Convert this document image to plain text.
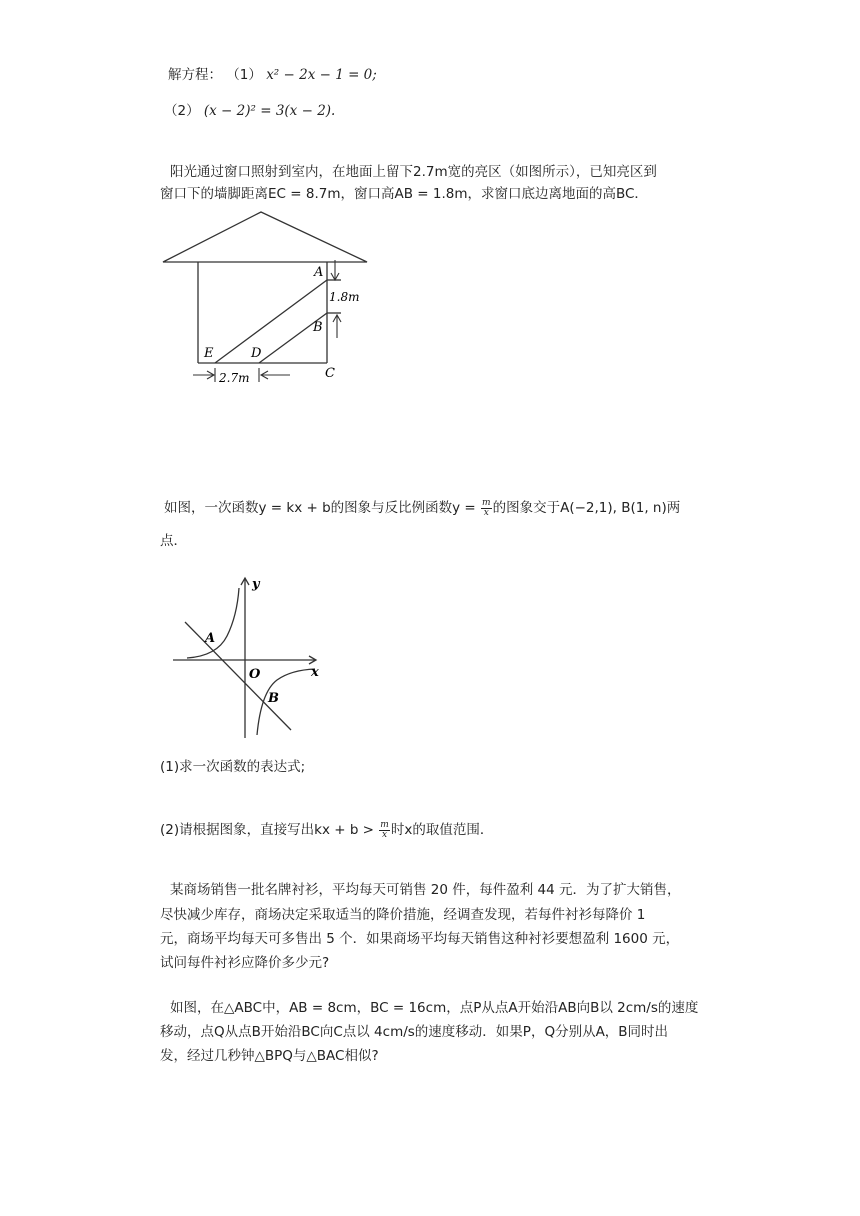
解方程： （1） x² − 2x − 1 = 0;
（2） (x − 2)² = 3(x − 2).
阳光通过窗口照射到室内，在地面上留下2.7m宽的亮区（如图所示），已知亮区到
窗口下的墙脚距离EC = 8.7m，窗口高AB = 1.8m，求窗口底边离地面的高BC．
A
B
C
D
E
1.8m
2.7m
如图，一次函数y = kx + b的图象与反比例函数$y = \frac{m}{x}$ 的图象交于A(−2,1), B(1, n)两
点．
y
x
O
A
B
(1)求一次函数的表达式;
(2)请根据图象，直接写出kx + $b > \frac{m}{x}$ 时x的取值范围．
某商场销售一批名牌衬衫，平均每天可销售 20 件，每件盈利 44 元．为了扩大销售，
尽快减少库存，商场决定采取适当的降价措施，经调查发现，若每件衬衫每降价 1
元，商场平均每天可多售出 5 个．如果商场平均每天销售这种衬衫要想盈利 1600 元，
试问每件衬衫应降价多少元?
如图，在△ABC中，AB = 8cm，BC = 16cm，点P从点A开始沿AB向B以 2cm/s的速度
移动，点Q从点B开始沿BC向C点以 4cm/s的速度移动．如果P，Q分别从A，B同时出
发，经过几秒钟△BPQ与△BAC相似?
